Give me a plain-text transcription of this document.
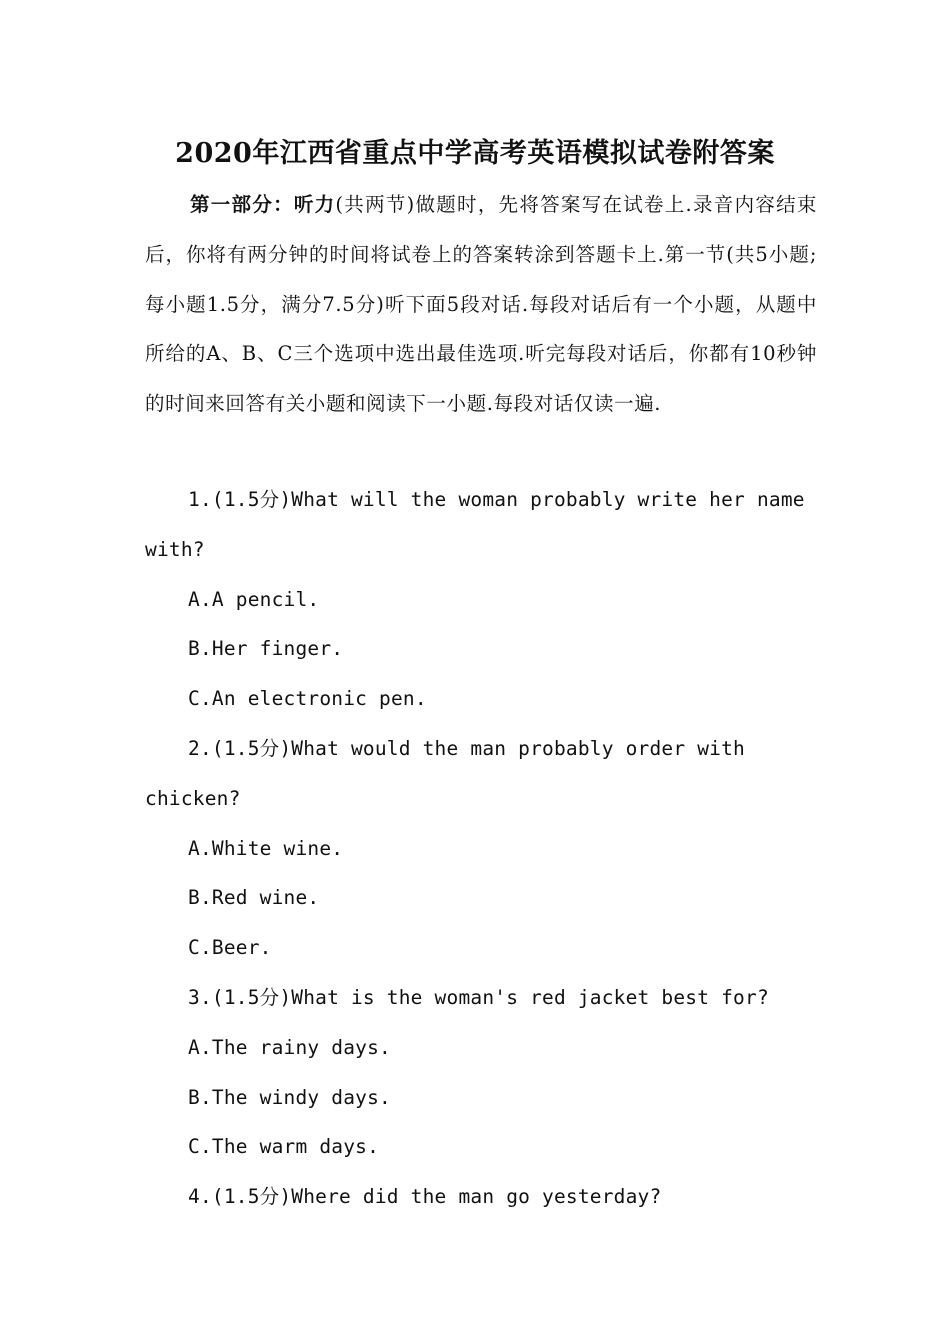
2020年江西省重点中学高考英语模拟试卷附答案

第一部分：听力(共两节)做题时，先将答案写在试卷上.录音内容结束后，你将有两分钟的时间将试卷上的答案转涂到答题卡上.第一节(共5小题;每小题1.5分，满分7.5分)听下面5段对话.每段对话后有一个小题，从题中所给的A、B、C三个选项中选出最佳选项.听完每段对话后，你都有10秒钟的时间来回答有关小题和阅读下一小题.每段对话仅读一遍.

1.(1.5分)What will the woman probably write her name with?

A.A pencil.

B.Her finger.

C.An electronic pen.

2.(1.5分)What would the man probably order with chicken?

A.White wine.

B.Red wine.

C.Beer.

3.(1.5分)What is the woman's red jacket best for?

A.The rainy days.

B.The windy days.

C.The warm days.

4.(1.5分)Where did the man go yesterday?
